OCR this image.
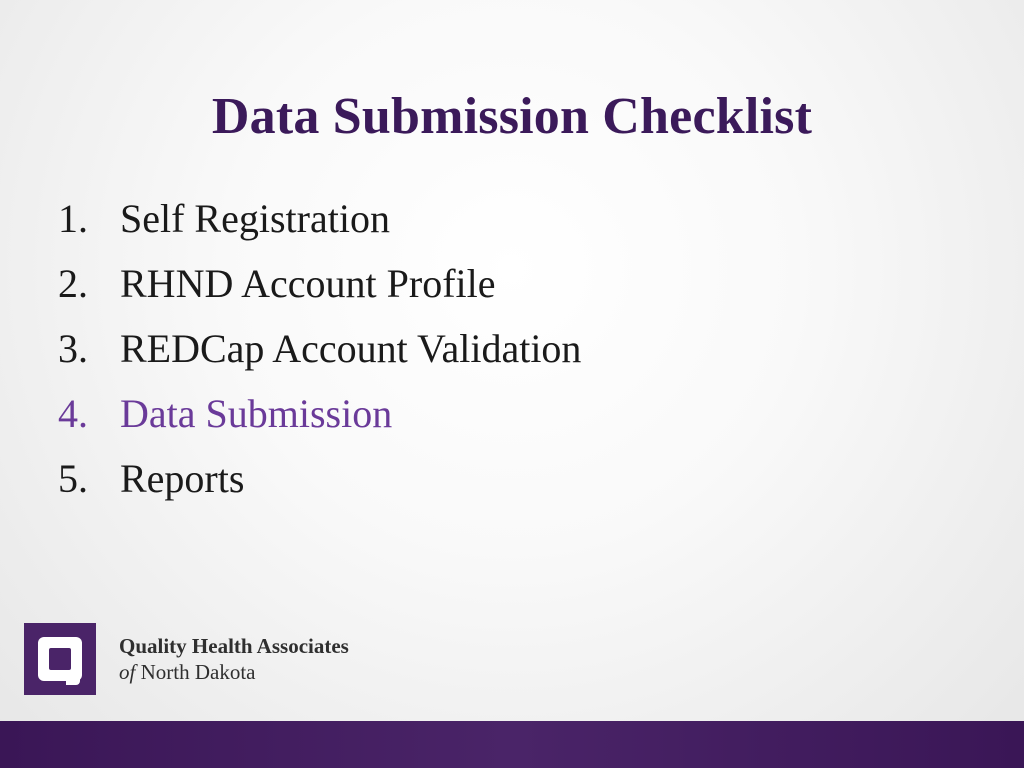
Data Submission Checklist
1. Self Registration
2. RHND Account Profile
3. REDCap Account Validation
4. Data Submission
5. Reports
Quality Health Associates
of North Dakota
